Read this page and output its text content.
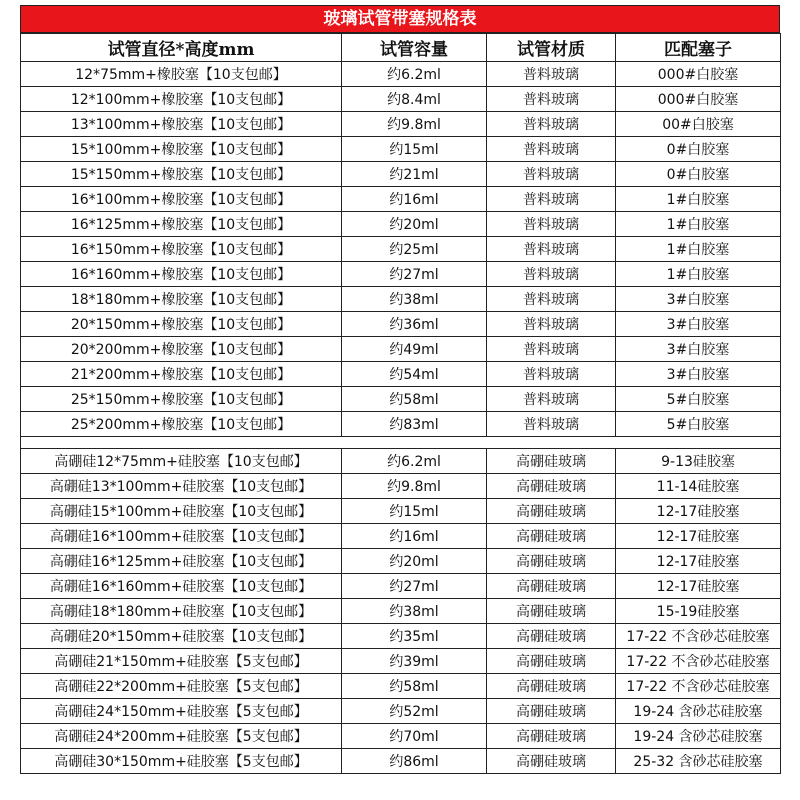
玻璃试管带塞规格表
试管直径*高度mm	试管容量	试管材质	匹配塞子
12*75mm+橡胶塞【10支包邮】	约6.2ml	普料玻璃	000#白胶塞
12*100mm+橡胶塞【10支包邮】	约8.4ml	普料玻璃	000#白胶塞
13*100mm+橡胶塞【10支包邮】	约9.8ml	普料玻璃	00#白胶塞
15*100mm+橡胶塞【10支包邮】	约15ml	普料玻璃	0#白胶塞
15*150mm+橡胶塞【10支包邮】	约21ml	普料玻璃	0#白胶塞
16*100mm+橡胶塞【10支包邮】	约16ml	普料玻璃	1#白胶塞
16*125mm+橡胶塞【10支包邮】	约20ml	普料玻璃	1#白胶塞
16*150mm+橡胶塞【10支包邮】	约25ml	普料玻璃	1#白胶塞
16*160mm+橡胶塞【10支包邮】	约27ml	普料玻璃	1#白胶塞
18*180mm+橡胶塞【10支包邮】	约38ml	普料玻璃	3#白胶塞
20*150mm+橡胶塞【10支包邮】	约36ml	普料玻璃	3#白胶塞
20*200mm+橡胶塞【10支包邮】	约49ml	普料玻璃	3#白胶塞
21*200mm+橡胶塞【10支包邮】	约54ml	普料玻璃	3#白胶塞
25*150mm+橡胶塞【10支包邮】	约58ml	普料玻璃	5#白胶塞
25*200mm+橡胶塞【10支包邮】	约83ml	普料玻璃	5#白胶塞

高硼硅12*75mm+硅胶塞【10支包邮】	约6.2ml	高硼硅玻璃	9-13硅胶塞
高硼硅13*100mm+硅胶塞【10支包邮】	约9.8ml	高硼硅玻璃	11-14硅胶塞
高硼硅15*100mm+硅胶塞【10支包邮】	约15ml	高硼硅玻璃	12-17硅胶塞
高硼硅16*100mm+硅胶塞【10支包邮】	约16ml	高硼硅玻璃	12-17硅胶塞
高硼硅16*125mm+硅胶塞【10支包邮】	约20ml	高硼硅玻璃	12-17硅胶塞
高硼硅16*160mm+硅胶塞【10支包邮】	约27ml	高硼硅玻璃	12-17硅胶塞
高硼硅18*180mm+硅胶塞【10支包邮】	约38ml	高硼硅玻璃	15-19硅胶塞
高硼硅20*150mm+硅胶塞【10支包邮】	约35ml	高硼硅玻璃	17-22 不含砂芯硅胶塞
高硼硅21*150mm+硅胶塞【5支包邮】	约39ml	高硼硅玻璃	17-22 不含砂芯硅胶塞
高硼硅22*200mm+硅胶塞【5支包邮】	约58ml	高硼硅玻璃	17-22 不含砂芯硅胶塞
高硼硅24*150mm+硅胶塞【5支包邮】	约52ml	高硼硅玻璃	19-24 含砂芯硅胶塞
高硼硅24*200mm+硅胶塞【5支包邮】	约70ml	高硼硅玻璃	19-24 含砂芯硅胶塞
高硼硅30*150mm+硅胶塞【5支包邮】	约86ml	高硼硅玻璃	25-32 含砂芯硅胶塞
